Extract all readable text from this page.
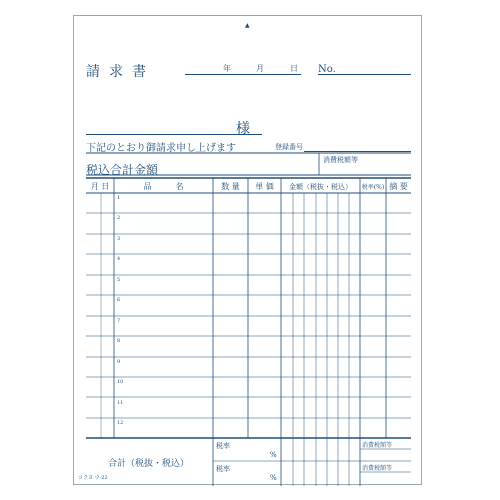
▲
請求書	年	月	日 No.
様
下記のとおり御請求申し上げます	登録番号
税込合計金額
消費税額等
月 日	品　　　名	数 量	単 価	金額（税抜・税込）	税率(%) 摘 要
1
2
3
4
5
6
7
8
9
10
11
12
合計（税抜・税込）
税率
%
税率
%
消費税額等
消費税額等
コクヨ ウ-22
